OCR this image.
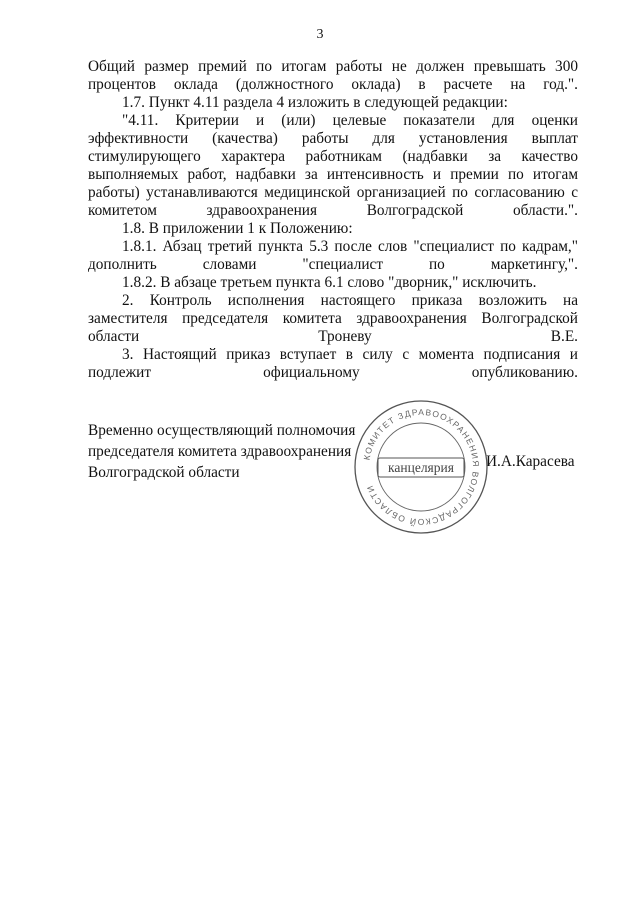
3

Общий размер премий по итогам работы не должен превышать 300 процентов оклада (должностного оклада) в расчете на год.".

1.7. Пункт 4.11 раздела 4 изложить в следующей редакции:

"4.11. Критерии и (или) целевые показатели для оценки эффективности (качества) работы для установления выплат стимулирующего характера работникам (надбавки за качество выполняемых работ, надбавки за интенсивность и премии по итогам работы) устанавливаются медицинской организацией по согласованию с комитетом здравоохранения Волгоградской области.".

1.8. В приложении 1 к Положению:

1.8.1. Абзац третий пункта 5.3 после слов "специалист по кадрам," дополнить словами "специалист по маркетингу,".

1.8.2. В абзаце третьем пункта 6.1 слово "дворник," исключить.

2. Контроль исполнения настоящего приказа возложить на заместителя председателя комитета здравоохранения Волгоградской области Троневу В.Е.

3. Настоящий приказ вступает в силу с момента подписания и подлежит официальному опубликованию.

Временно осуществляющий полномочия
председателя комитета здравоохранения
Волгоградской области
И.А.Карасева
КОМИТЕТ ЗДРАВООХРАНЕНИЯ ВОЛГОГРАДСКОЙ ОБЛАСТИ
канцелярия
